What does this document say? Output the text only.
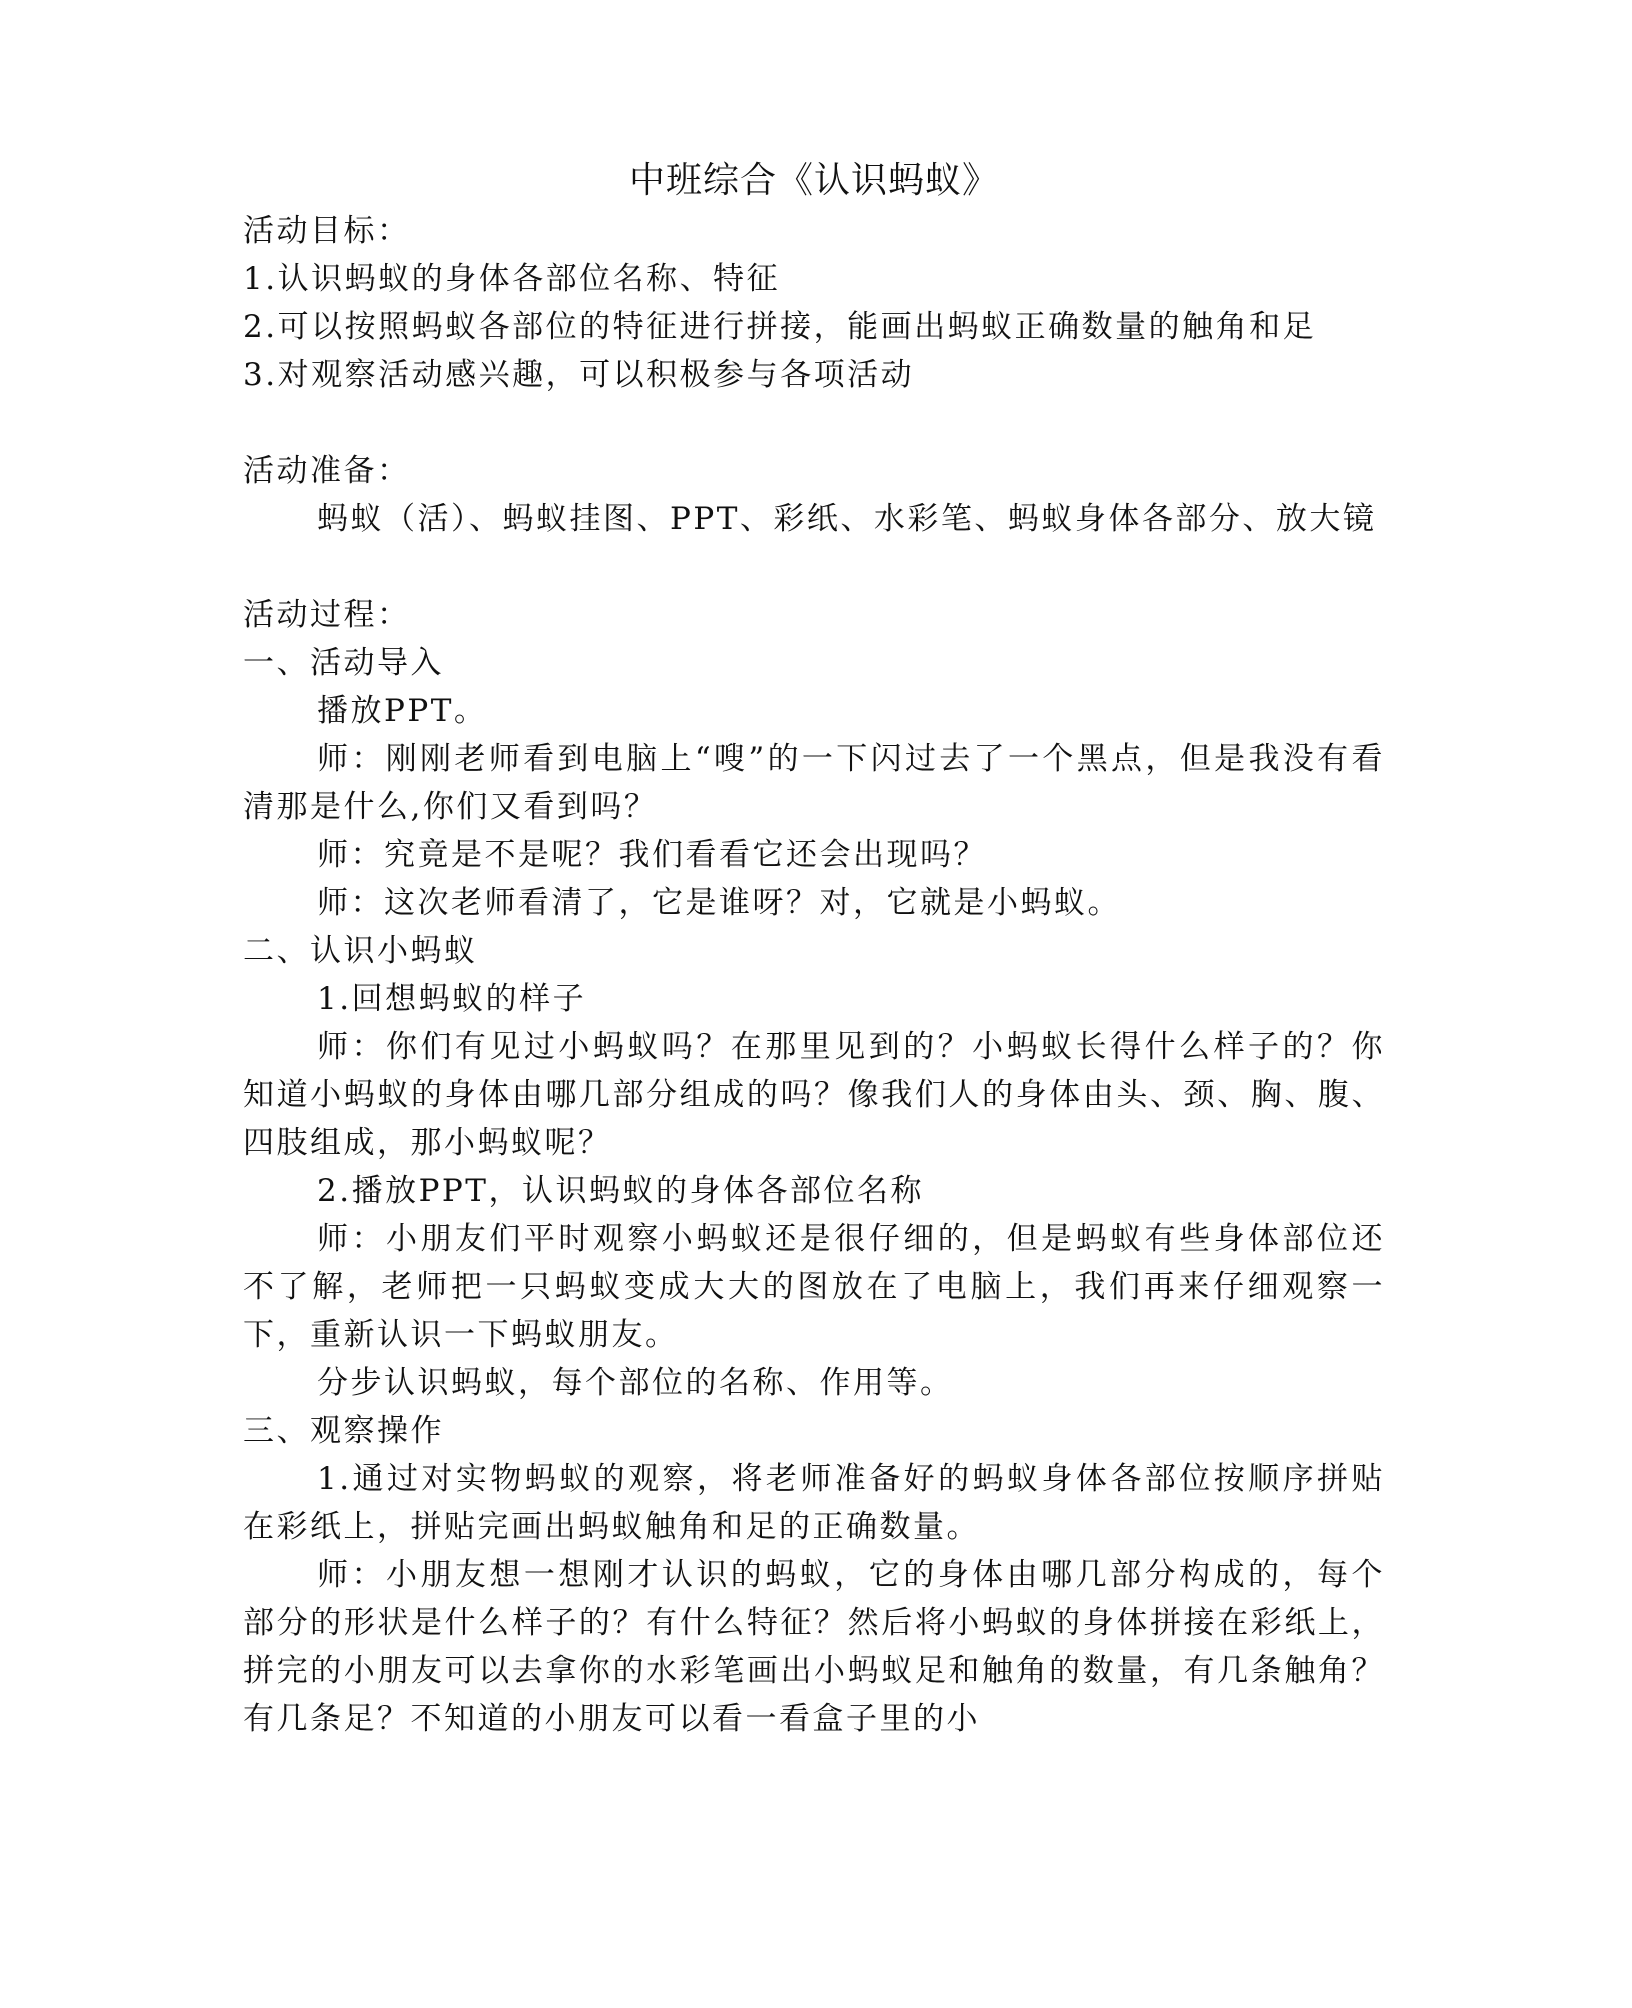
中班综合《认识蚂蚁》
活动目标：
1.认识蚂蚁的身体各部位名称、特征
2.可以按照蚂蚁各部位的特征进行拼接，能画出蚂蚁正确数量的触角和足
3.对观察活动感兴趣，可以积极参与各项活动
活动准备：
蚂蚁（活）、蚂蚁挂图、PPT、彩纸、水彩笔、蚂蚁身体各部分、放大镜
活动过程：
一、活动导入
播放PPT。
师：刚刚老师看到电脑上“嗖”的一下闪过去了一个黑点，但是我没有看清那是什么,你们又看到吗？
师：究竟是不是呢？我们看看它还会出现吗？
师：这次老师看清了，它是谁呀？对，它就是小蚂蚁。
二、认识小蚂蚁
1.回想蚂蚁的样子
师：你们有见过小蚂蚁吗？在那里见到的？小蚂蚁长得什么样子的？你知道小蚂蚁的身体由哪几部分组成的吗？像我们人的身体由头、颈、胸、腹、四肢组成，那小蚂蚁呢？
2.播放PPT，认识蚂蚁的身体各部位名称
师：小朋友们平时观察小蚂蚁还是很仔细的，但是蚂蚁有些身体部位还不了解，老师把一只蚂蚁变成大大的图放在了电脑上，我们再来仔细观察一下，重新认识一下蚂蚁朋友。
分步认识蚂蚁，每个部位的名称、作用等。
三、观察操作
1.通过对实物蚂蚁的观察，将老师准备好的蚂蚁身体各部位按顺序拼贴在彩纸上，拼贴完画出蚂蚁触角和足的正确数量。
师：小朋友想一想刚才认识的蚂蚁，它的身体由哪几部分构成的，每个部分的形状是什么样子的？有什么特征？然后将小蚂蚁的身体拼接在彩纸上，拼完的小朋友可以去拿你的水彩笔画出小蚂蚁足和触角的数量，有几条触角？有几条足？不知道的小朋友可以看一看盒子里的小
